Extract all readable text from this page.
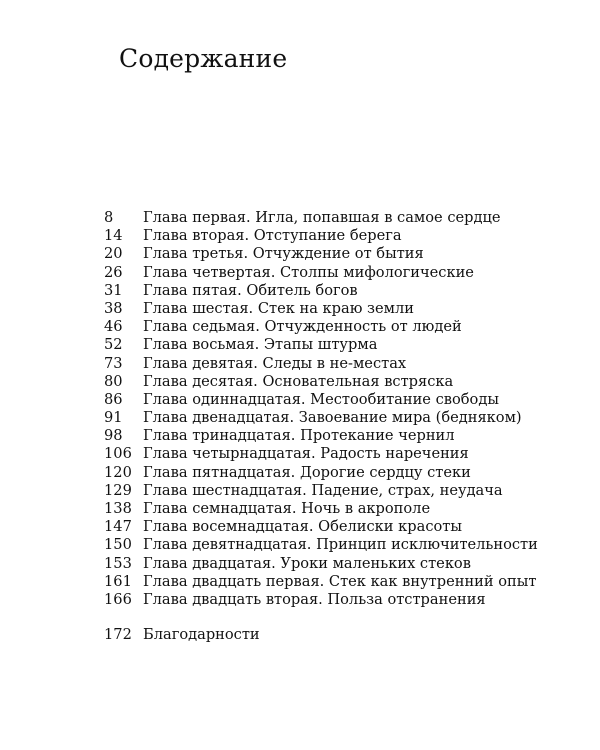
Содержание
8 Глава первая. Игла, попавшая в самое сердце
14 Глава вторая. Отступание берега
20 Глава третья. Отчуждение от бытия
26 Глава четвертая. Столпы мифологические
31 Глава пятая. Обитель богов
38 Глава шестая. Стек на краю земли
46 Глава седьмая. Отчужденность от людей
52 Глава восьмая. Этапы штурма
73 Глава девятая. Следы в не-местах
80 Глава десятая. Основательная встряска
86 Глава одиннадцатая. Местообитание свободы
91 Глава двенадцатая. Завоевание мира (бедняком)
98 Глава тринадцатая. Протекание чернил
106 Глава четырнадцатая. Радость наречения
120 Глава пятнадцатая. Дорогие сердцу стеки
129 Глава шестнадцатая. Падение, страх, неудача
138 Глава семнадцатая. Ночь в акрополе
147 Глава восемнадцатая. Обелиски красоты
150 Глава девятнадцатая. Принцип исключительности
153 Глава двадцатая. Уроки маленьких стеков
161 Глава двадцать первая. Стек как внутренний опыт
166 Глава двадцать вторая. Польза отстранения
172 Благодарности
